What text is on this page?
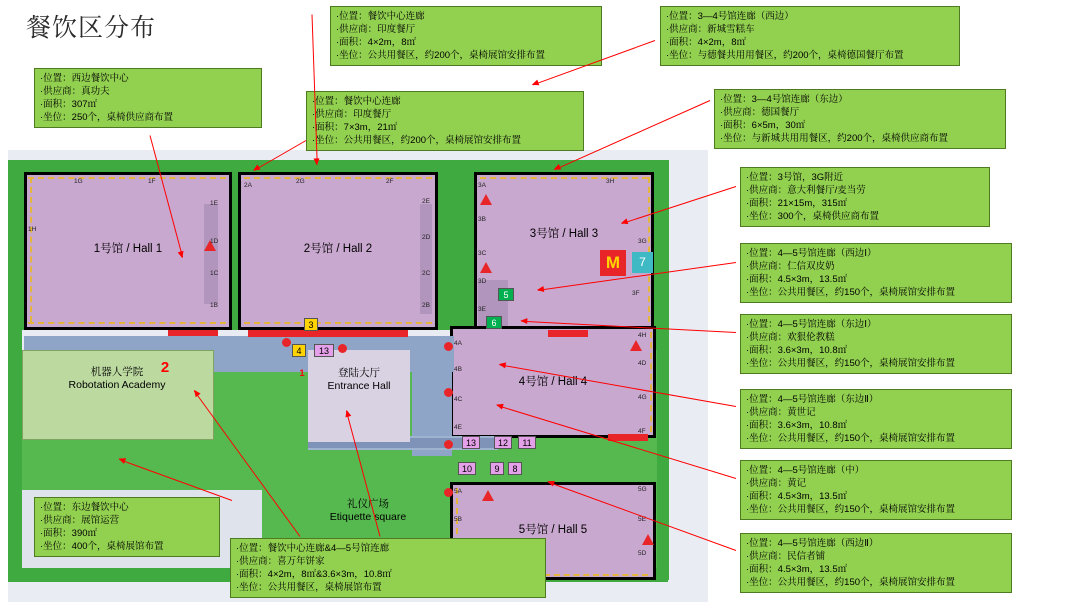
餐饮区分布
1号馆 / Hall 1	2号馆 / Hall 2
3号馆 / Hall 3
4号馆 / Hall 4
5号馆 / Hall 5
登陆大厅
Entrance Hall
机器人学院
Robotation Academy

礼仪广场
Etiquette square
1G	1F
1E
1D
1C
1B
1H
2G	2F
2E
2D
2C
2B
2A
3H
3G
3A
3B
3C
3D
3E
3F
4H
4A
4B
4C
4D
4E
4F
4G
5A
5B
5D
5E
5G
3
4	13
1
5
6
M	7
13	12	11
10	9	8
2
·位置：西边餐饮中心
·供应商：真功夫
·面积：307㎡
·坐位：250个，桌椅供应商布置
·位置：餐饮中心连廊
·供应商：印度餐厅
·面积：7×3m，21㎡
·坐位：公共用餐区，约200个，桌椅展馆安排布置
·位置：餐饮中心连廊
·供应商：印度餐厅
·面积：4×2m，8㎡
·坐位：公共用餐区，约200个，桌椅展馆安排布置
·位置：3—4号馆连廊（西边）
·供应商：新城雪糕车
·面积：4×2m，8㎡
·坐位：与德餐共用用餐区，约200个，桌椅德国餐厅布置
·位置：3—4号馆连廊（东边）
·供应商：德国餐厅
·面积：6×5m，30㎡
·坐位：与新城共用用餐区，约200个，桌椅供应商布置
·位置：3号馆，3G附近
·供应商：意大利餐厅/麦当劳
·面积：21×15m，315㎡
·坐位：300个，桌椅供应商布置
·位置：4—5号馆连廊（西边Ⅰ）
·供应商：仁信双皮奶
·面积：4.5×3m，13.5㎡
·坐位：公共用餐区，约150个，桌椅展馆安排布置
·位置：4—5号馆连廊（东边Ⅰ）
·供应商：欢狠伦教糕
·面积：3.6×3m，10.8㎡
·坐位：公共用餐区，约150个，桌椅展馆安排布置
·位置：4—5号馆连廊（东边Ⅱ）
·供应商：黄世记
·面积：3.6×3m，10.8㎡
·坐位：公共用餐区，约150个，桌椅展馆安排布置
·位置：4—5号馆连廊（中）
·供应商：黄记
·面积：4.5×3m，13.5㎡
·坐位：公共用餐区，约150个，桌椅展馆安排布置
·位置：4—5号馆连廊（西边Ⅱ）
·供应商：民信者铺
·面积：4.5×3m，13.5㎡
·坐位：公共用餐区，约150个，桌椅展馆安排布置
·位置：东边餐饮中心
·供应商：展馆运营
·面积：390㎡
·坐位：400个，桌椅展馆布置	·位置：餐饮中心连廊&4—5号馆连廊
·供应商：喜万年饼家
·面积：4×2m，8㎡&3.6×3m，10.8㎡
·坐位：公共用餐区，桌椅展馆布置
